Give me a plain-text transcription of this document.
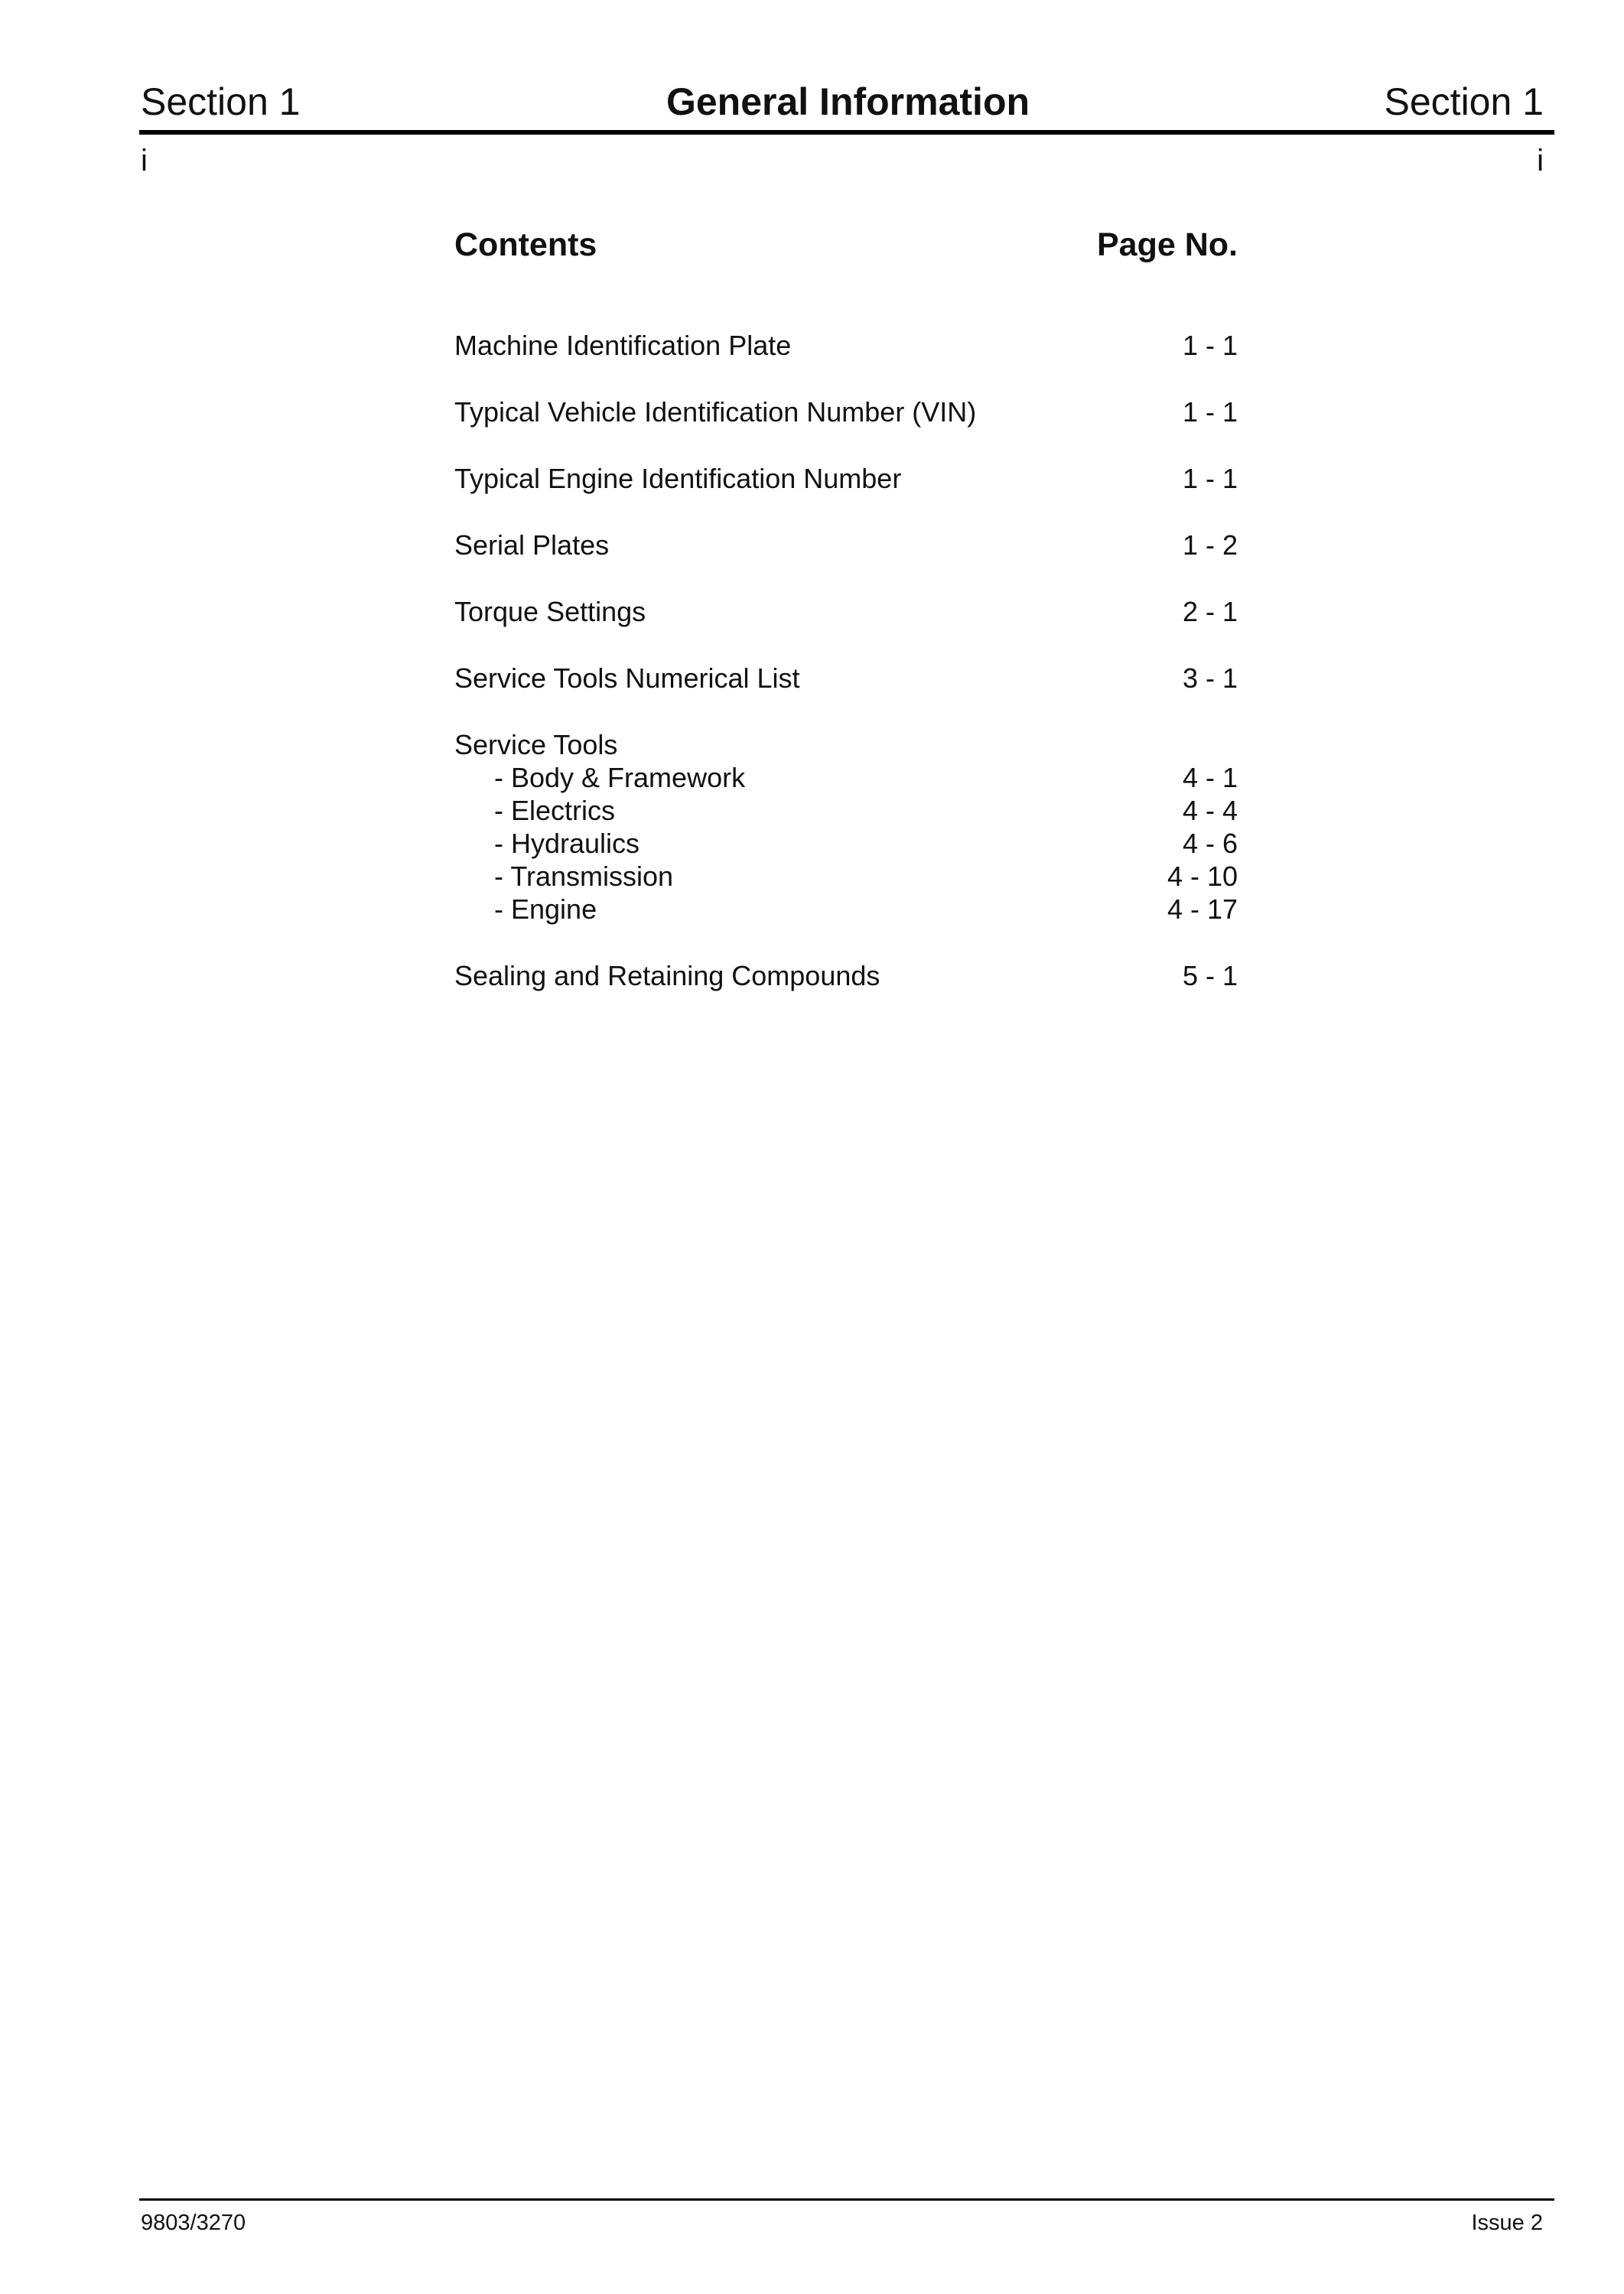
Section 1	General Information	Section 1
i	i
Contents	Page No.
Machine Identification Plate	1 - 1
Typical Vehicle Identification Number (VIN)	1 - 1
Typical Engine Identification Number	1 - 1
Serial Plates	1 - 2
Torque Settings	2 - 1
Service Tools Numerical List	3 - 1
Service Tools
- Body & Framework	4 - 1
- Electrics	4 - 4
- Hydraulics	4 - 6
- Transmission	4 - 10
- Engine	4 - 17
Sealing and Retaining Compounds	5 - 1
9803/3270	Issue 2
